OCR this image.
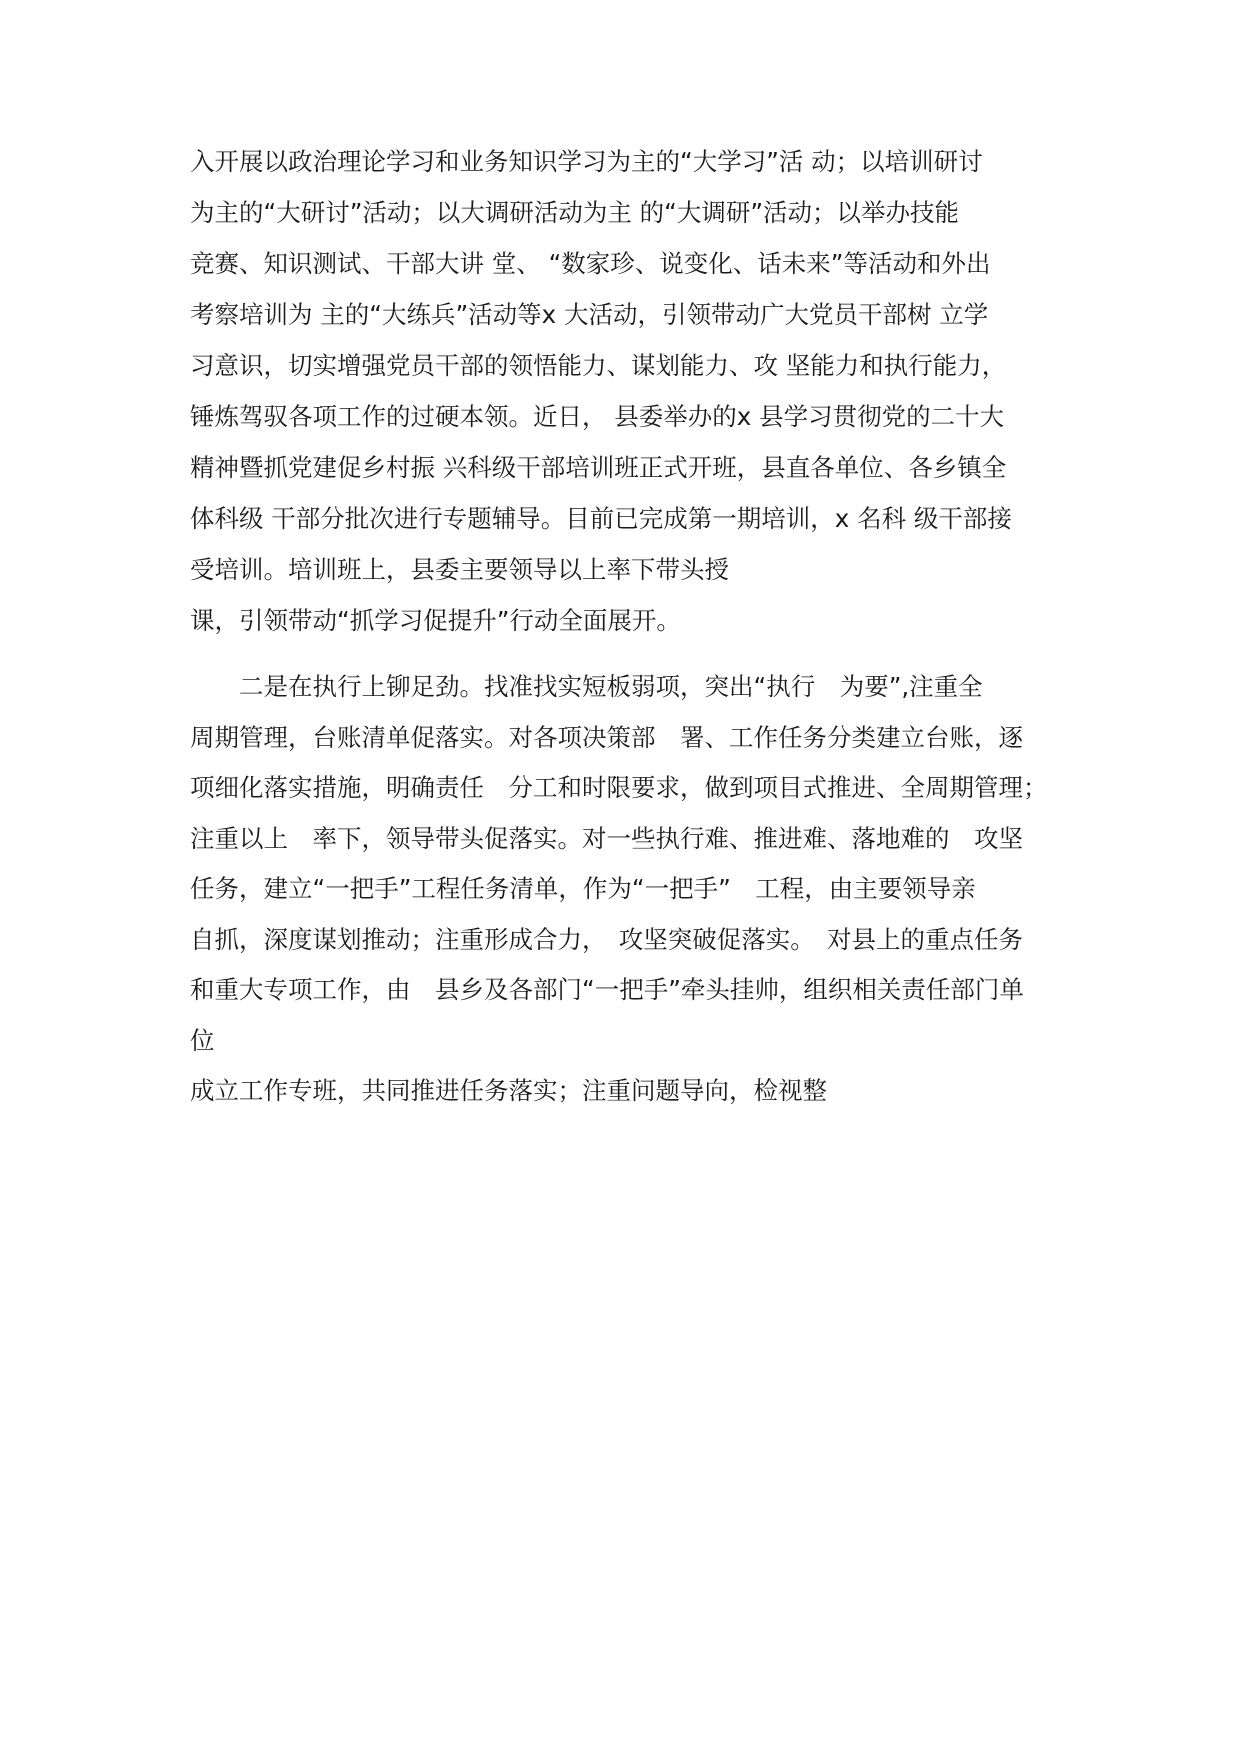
入开展以政治理论学习和业务知识学习为主的“大学习”活 动；以培训研讨
为主的“大研讨”活动；以大调研活动为主 的“大调研”活动；以举办技能
竞赛、知识测试、干部大讲 堂、 “数家珍、说变化、话未来”等活动和外出
考察培训为 主的“大练兵”活动等x 大活动，引领带动广大党员干部树 立学
习意识，切实增强党员干部的领悟能力、谋划能力、攻 坚能力和执行能力，
锤炼驾驭各项工作的过硬本领。近日， 县委举办的x 县学习贯彻党的二十大
精神暨抓党建促乡村振 兴科级干部培训班正式开班，县直各单位、各乡镇全
体科级 干部分批次进行专题辅导。目前已完成第一期培训，x 名科 级干部接
受培训。培训班上，县委主要领导以上率下带头授
课，引领带动“抓学习促提升”行动全面展开。
　　二是在执行上铆足劲。找准找实短板弱项，突出“执行　为要”,注重全
周期管理，台账清单促落实。对各项决策部　署、工作任务分类建立台账，逐
项细化落实措施，明确责任　分工和时限要求，做到项目式推进、全周期管理；
注重以上　率下，领导带头促落实。对一些执行难、推进难、落地难的　攻坚
任务，建立“一把手”工程任务清单，作为“一把手”　工程，由主要领导亲
自抓，深度谋划推动；注重形成合力，　攻坚突破促落实。　对县上的重点任务
和重大专项工作，由　县乡及各部门“一把手”牵头挂帅，组织相关责任部门单
位
成立工作专班，共同推进任务落实；注重问题导向，检视整
